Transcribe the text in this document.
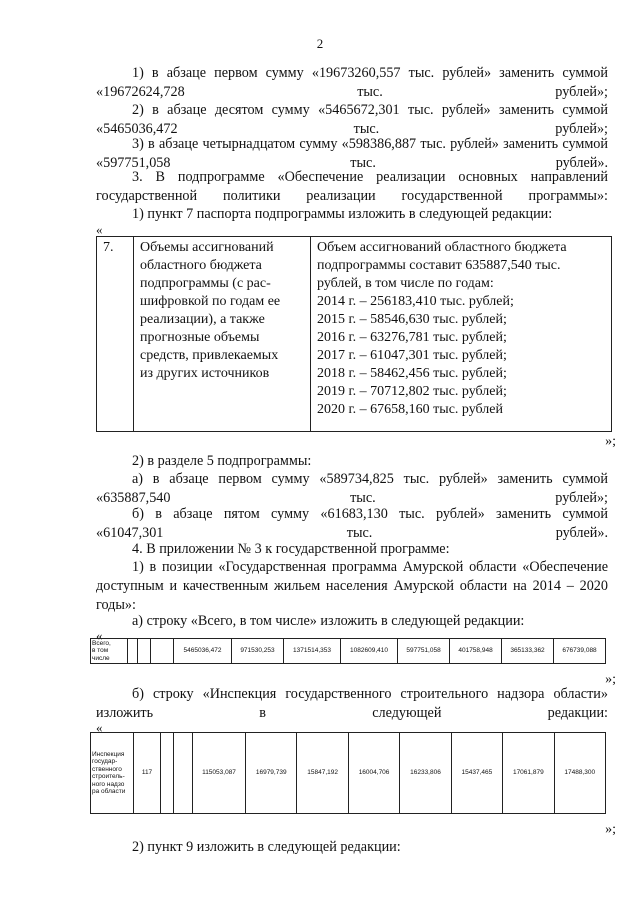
2
1) в абзаце первом сумму «19673260,557 тыс. рублей» заменить суммой «19672624,728 тыс. рублей»;
2) в абзаце десятом сумму «5465672,301 тыс. рублей» заменить суммой «5465036,472 тыс. рублей»;
3) в абзаце четырнадцатом сумму «598386,887 тыс. рублей» заменить суммой «597751,058 тыс. рублей».
3. В подпрограмме «Обеспечение реализации основных направлений государственной политики реализации государственной программы»:
1) пункт 7 паспорта подпрограммы изложить в следующей редакции:
«
7.	Объемы ассигнований
областного бюджета
подпрограммы (с рас-
шифровкой по годам ее
реализации), а также
прогнозные объемы
средств, привлекаемых
из других источников

Объем ассигнований областного бюджета
подпрограммы составит 635887,540 тыс.
рублей, в том числе по годам:
2014 г. – 256183,410 тыс. рублей;
2015 г. – 58546,630 тыс. рублей;
2016 г. – 63276,781 тыс. рублей;
2017 г. – 61047,301 тыс. рублей;
2018 г. – 58462,456 тыс. рублей;
2019 г. – 70712,802 тыс. рублей;
2020 г. – 67658,160 тыс. рублей
»;
2) в разделе 5 подпрограммы:
а) в абзаце первом сумму «589734,825 тыс. рублей» заменить суммой «635887,540 тыс. рублей»;
б) в абзаце пятом сумму «61683,130 тыс. рублей» заменить суммой «61047,301 тыс. рублей».
4. В приложении № 3 к государственной программе:
1) в позиции «Государственная программа Амурской области «Обеспечение доступным и качественным жильем населения Амурской области на 2014 – 2020 годы»:
а) строку «Всего, в том числе» изложить в следующей редакции:
«
Всего,
в том
числе
				5465036,472	971530,253	1371514,353	1082609,410	597751,058	401758,948	365133,362	676739,088
»;
б) строку «Инспекция государственного строительного надзора области» изложить в следующей редакции:
«
Инспекция
государ-
ственного
строитель-
ного надзо
ра области
	117			115053,087	16979,739	15847,192	16004,706	16233,806	15437,465	17061,879	17488,300
»;
2) пункт 9 изложить в следующей редакции:
